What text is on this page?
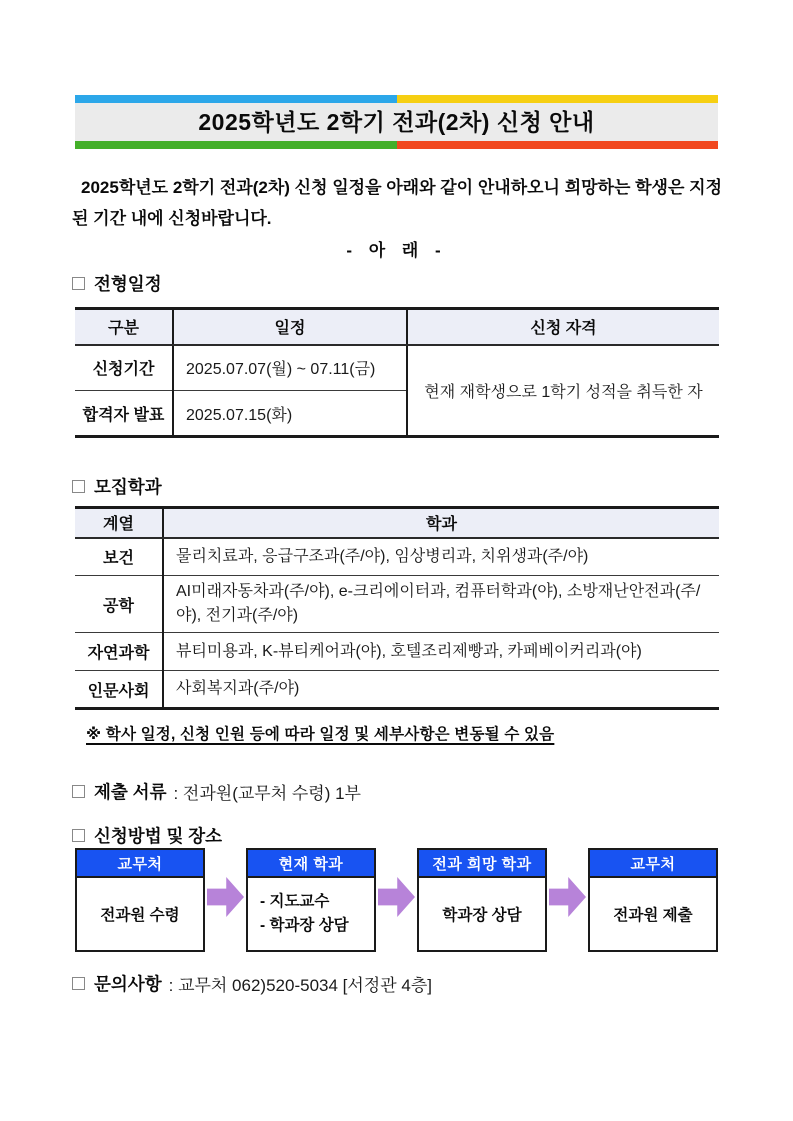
2025학년도 2학기 전과(2차) 신청 안내

2025학년도 2학기 전과(2차) 신청 일정을 아래와 같이 안내하오니 희망하는 학생은 지정된 기간 내에 신청바랍니다.

- 아 래 -
전형일정
구분	일정	신청 자격
신청기간	2025.07.07(월) ~ 07.11(금)	현재 재학생으로 1학기 성적을 취득한 자
합격자 발표	2025.07.15(화)	
모집학과
계열	학과
보건	물리치료과, 응급구조과(주/야), 임상병리과, 치위생과(주/야)
공학	AI미래자동차과(주/야), e-크리에이터과, 컴퓨터학과(야), 소방재난안전과(주/야), 전기과(주/야)
자연과학	뷰티미용과, K-뷰티케어과(야), 호텔조리제빵과, 카페베이커리과(야)
인문사회	사회복지과(주/야)
※ 학사 일정, 신청 인원 등에 따라 일정 및 세부사항은 변동될 수 있음
제출 서류 : 전과원(교무처 수령) 1부
신청방법 및 장소
교무처
전과원 수령
현재 학과
- 지도교수
- 학과장 상담
전과 희망 학과
학과장 상담
교무처
전과원 제출
문의사항 : 교무처 062)520-5034 [서정관 4층]
